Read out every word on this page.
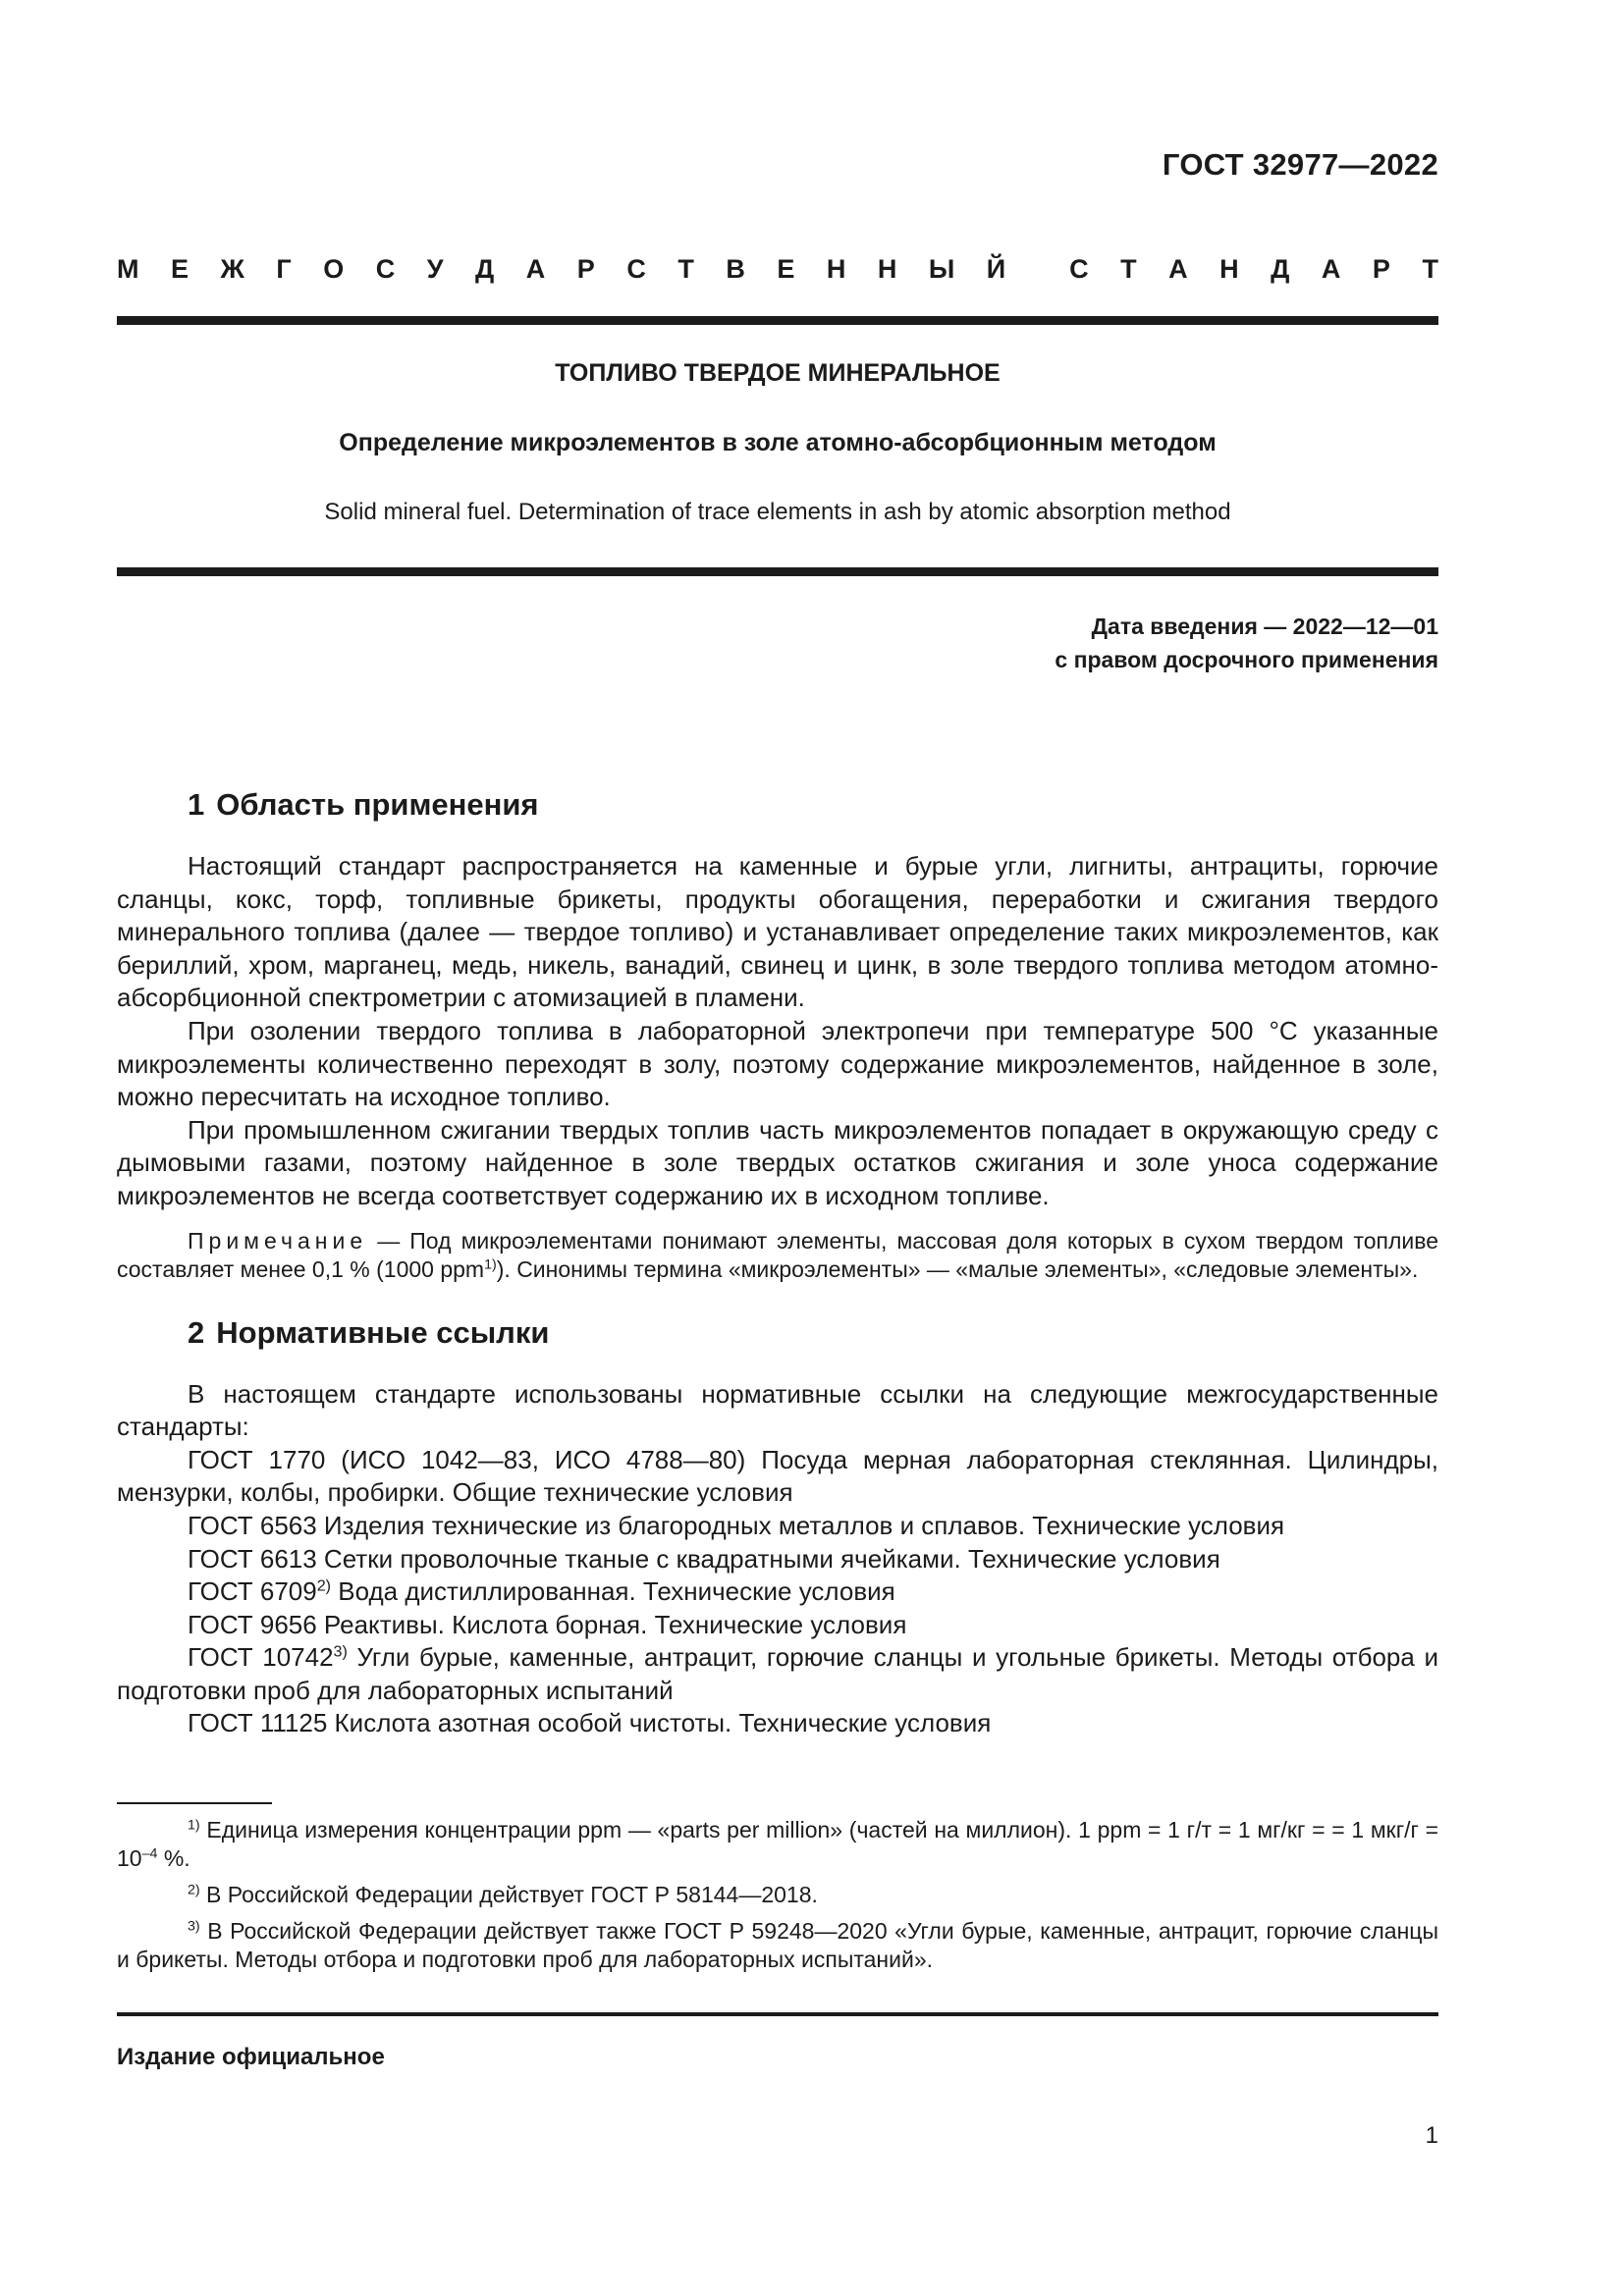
ГОСТ 32977—2022
М Е Ж Г О С У Д А Р С Т В Е Н Н Ы Й С Т А Н Д А Р Т
ТОПЛИВО ТВЕРДОЕ МИНЕРАЛЬНОЕ
Определение микроэлементов в золе атомно-абсорбционным методом
Solid mineral fuel. Determination of trace elements in ash by atomic absorption method
Дата введения — 2022—12—01
с правом досрочного применения
1 Область применения

Настоящий стандарт распространяется на каменные и бурые угли, лигниты, антрациты, горючие сланцы, кокс, торф, топливные брикеты, продукты обогащения, переработки и сжигания твердого минерального топлива (далее — твердое топливо) и устанавливает определение таких микроэлементов, как бериллий, хром, марганец, медь, никель, ванадий, свинец и цинк, в золе твердого топлива методом атомно-абсорбционной спектрометрии с атомизацией в пламени.

При озолении твердого топлива в лабораторной электропечи при температуре 500 °С указанные микроэлементы количественно переходят в золу, поэтому содержание микроэлементов, найденное в золе, можно пересчитать на исходное топливо.

При промышленном сжигании твердых топлив часть микроэлементов попадает в окружающую среду с дымовыми газами, поэтому найденное в золе твердых остатков сжигания и золе уноса содержание микроэлементов не всегда соответствует содержанию их в исходном топливе.

Примечание — Под микроэлементами понимают элементы, массовая доля которых в сухом твердом топливе составляет менее 0,1 % (1000 ppm$^{1)}$). Синонимы термина «микроэлементы» — «малые элементы», «следовые элементы».

2 Нормативные ссылки

В настоящем стандарте использованы нормативные ссылки на следующие межгосударственные стандарты:

ГОСТ 1770 (ИСО 1042—83, ИСО 4788—80) Посуда мерная лабораторная стеклянная. Цилиндры, мензурки, колбы, пробирки. Общие технические условия

ГОСТ 6563 Изделия технические из благородных металлов и сплавов. Технические условия

ГОСТ 6613 Сетки проволочные тканые с квадратными ячейками. Технические условия

ГОСТ 6709$^{2)}$ Вода дистиллированная. Технические условия

ГОСТ 9656 Реактивы. Кислота борная. Технические условия

ГОСТ 10742$^{3)}$ Угли бурые, каменные, антрацит, горючие сланцы и угольные брикеты. Методы отбора и подготовки проб для лабораторных испытаний

ГОСТ 11125 Кислота азотная особой чистоты. Технические условия

$^{1)}$ Единица измерения концентрации ppm — «parts per million» (частей на миллион). 1 ppm = 1 г/т = 1 мг/кг = = 1 $мкг/г = 10^{-4}$ %.

$^{2)}$ В Российской Федерации действует ГОСТ Р 58144—2018.

$^{3)}$ В Российской Федерации действует также ГОСТ Р 59248—2020 «Угли бурые, каменные, антрацит, горючие сланцы и брикеты. Методы отбора и подготовки проб для лабораторных испытаний».

Издание официальное
1
